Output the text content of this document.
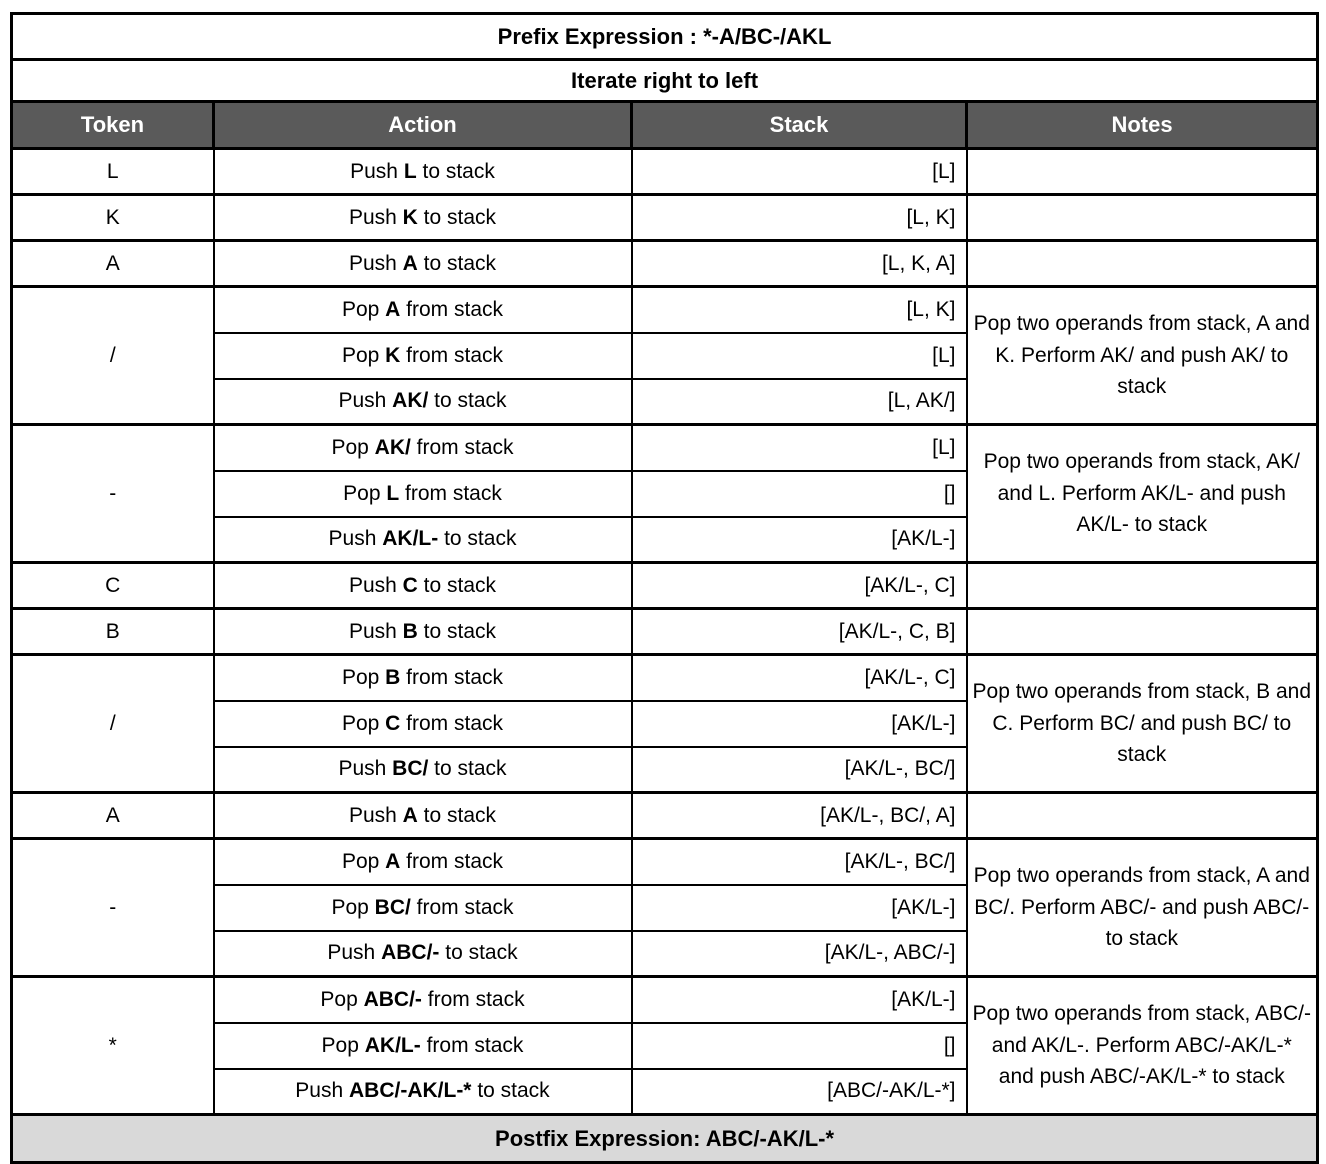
Prefix Expression : *-A/BC-/AKL			
Iterate right to left			
Token	Action	Stack	Notes
L	Push L to stack	[L]	
K	Push K to stack	[L, K]	
A	Push A to stack	[L, K, A]	
/	Pop A from stack	[L, K]	Pop two operands from stack, A and K. Perform AK/ and push AK/ to stack
	Pop K from stack	[L]	
	Push AK/ to stack	[L, AK/]	
-	Pop AK/ from stack	[L]	Pop two operands from stack, AK/ and L. Perform AK/L- and push AK/L- to stack
	Pop L from stack	[]	
	Push AK/L- to stack	[AK/L-]	
C	Push C to stack	[AK/L-, C]	
B	Push B to stack	[AK/L-, C, B]	
/	Pop B from stack	[AK/L-, C]	Pop two operands from stack, B and C. Perform BC/ and push BC/ to stack
	Pop C from stack	[AK/L-]	
	Push BC/ to stack	[AK/L-, BC/]	
A	Push A to stack	[AK/L-, BC/, A]	
-	Pop A from stack	[AK/L-, BC/]	Pop two operands from stack, A and BC/. Perform ABC/- and push ABC/-to stack
	Pop BC/ from stack	[AK/L-]	
	Push ABC/- to stack	[AK/L-, ABC/-]	
*	Pop ABC/- from stack	[AK/L-]	Pop two operands from stack, ABC/- and AK/L-. Perform ABC/-AK/L-* and push ABC/-AK/L-* to stack
	Pop AK/L- from stack	[]	
	Push ABC/-AK/L-* to stack	[ABC/-AK/L-*]	
Postfix Expression: ABC/-AK/L-*			
